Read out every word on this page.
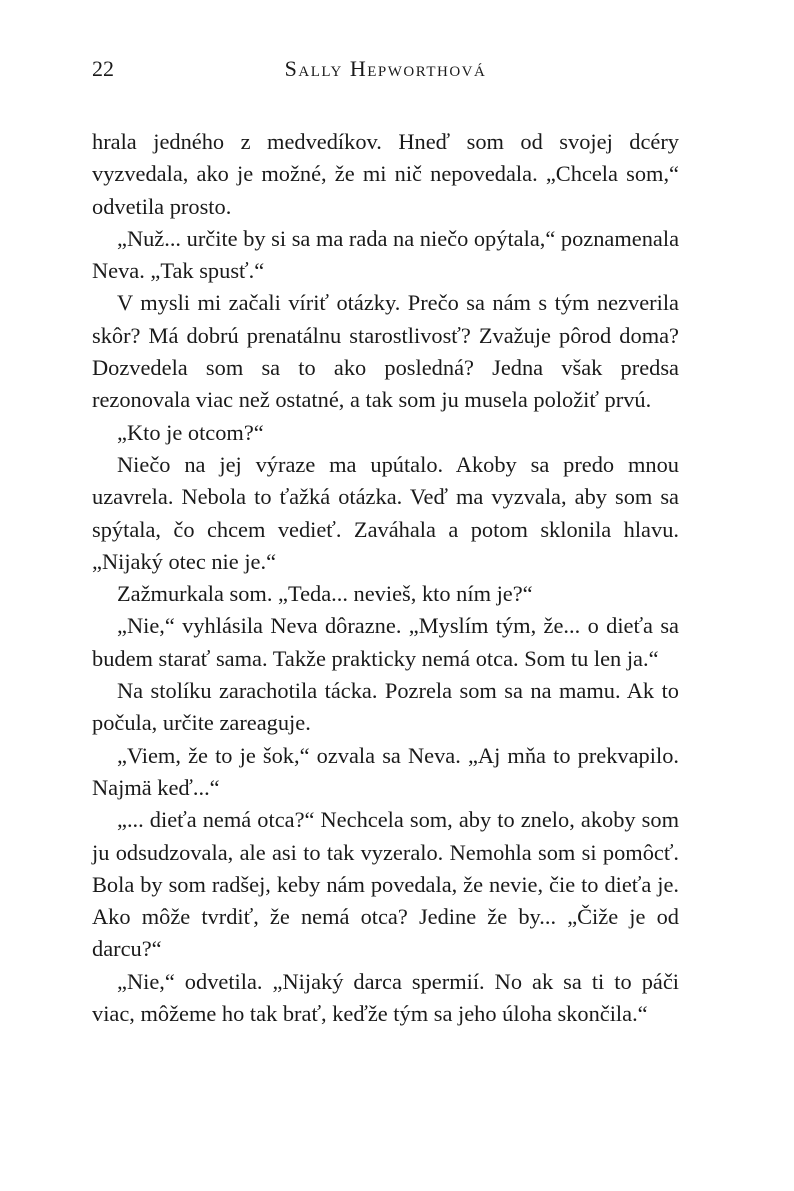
22	Sally Hepworthová

hrala jedného z medvedíkov. Hneď som od svojej dcéry vyzvedala, ako je možné, že mi nič nepovedala. „Chcela som,“ odvetila prosto.

„Nuž... určite by si sa ma rada na niečo opýtala,“ poznamenala Neva. „Tak spusť.“

V mysli mi začali víriť otázky. Prečo sa nám s tým nezverila skôr? Má dobrú prenatálnu starostlivosť? Zvažuje pôrod doma? Dozvedela som sa to ako posledná? Jedna však predsa rezonovala viac než ostatné, a tak som ju musela položiť prvú.

„Kto je otcom?“

Niečo na jej výraze ma upútalo. Akoby sa predo mnou uzavrela. Nebola to ťažká otázka. Veď ma vyzvala, aby som sa spýtala, čo chcem vedieť. Zaváhala a potom sklonila hlavu. „Nijaký otec nie je.“

Zažmurkala som. „Teda... nevieš, kto ním je?“

„Nie,“ vyhlásila Neva dôrazne. „Myslím tým, že... o dieťa sa budem starať sama. Takže prakticky nemá otca. Som tu len ja.“

Na stolíku zarachotila tácka. Pozrela som sa na mamu. Ak to počula, určite zareaguje.

„Viem, že to je šok,“ ozvala sa Neva. „Aj mňa to prekvapilo. Najmä keď...“

„... dieťa nemá otca?“ Nechcela som, aby to znelo, akoby som ju odsudzovala, ale asi to tak vyzeralo. Nemohla som si pomôcť. Bola by som radšej, keby nám povedala, že nevie, čie to dieťa je. Ako môže tvrdiť, že nemá otca? Jedine že by... „Čiže je od darcu?“

„Nie,“ odvetila. „Nijaký darca spermií. No ak sa ti to páči viac, môžeme ho tak brať, keďže tým sa jeho úloha skončila.“
